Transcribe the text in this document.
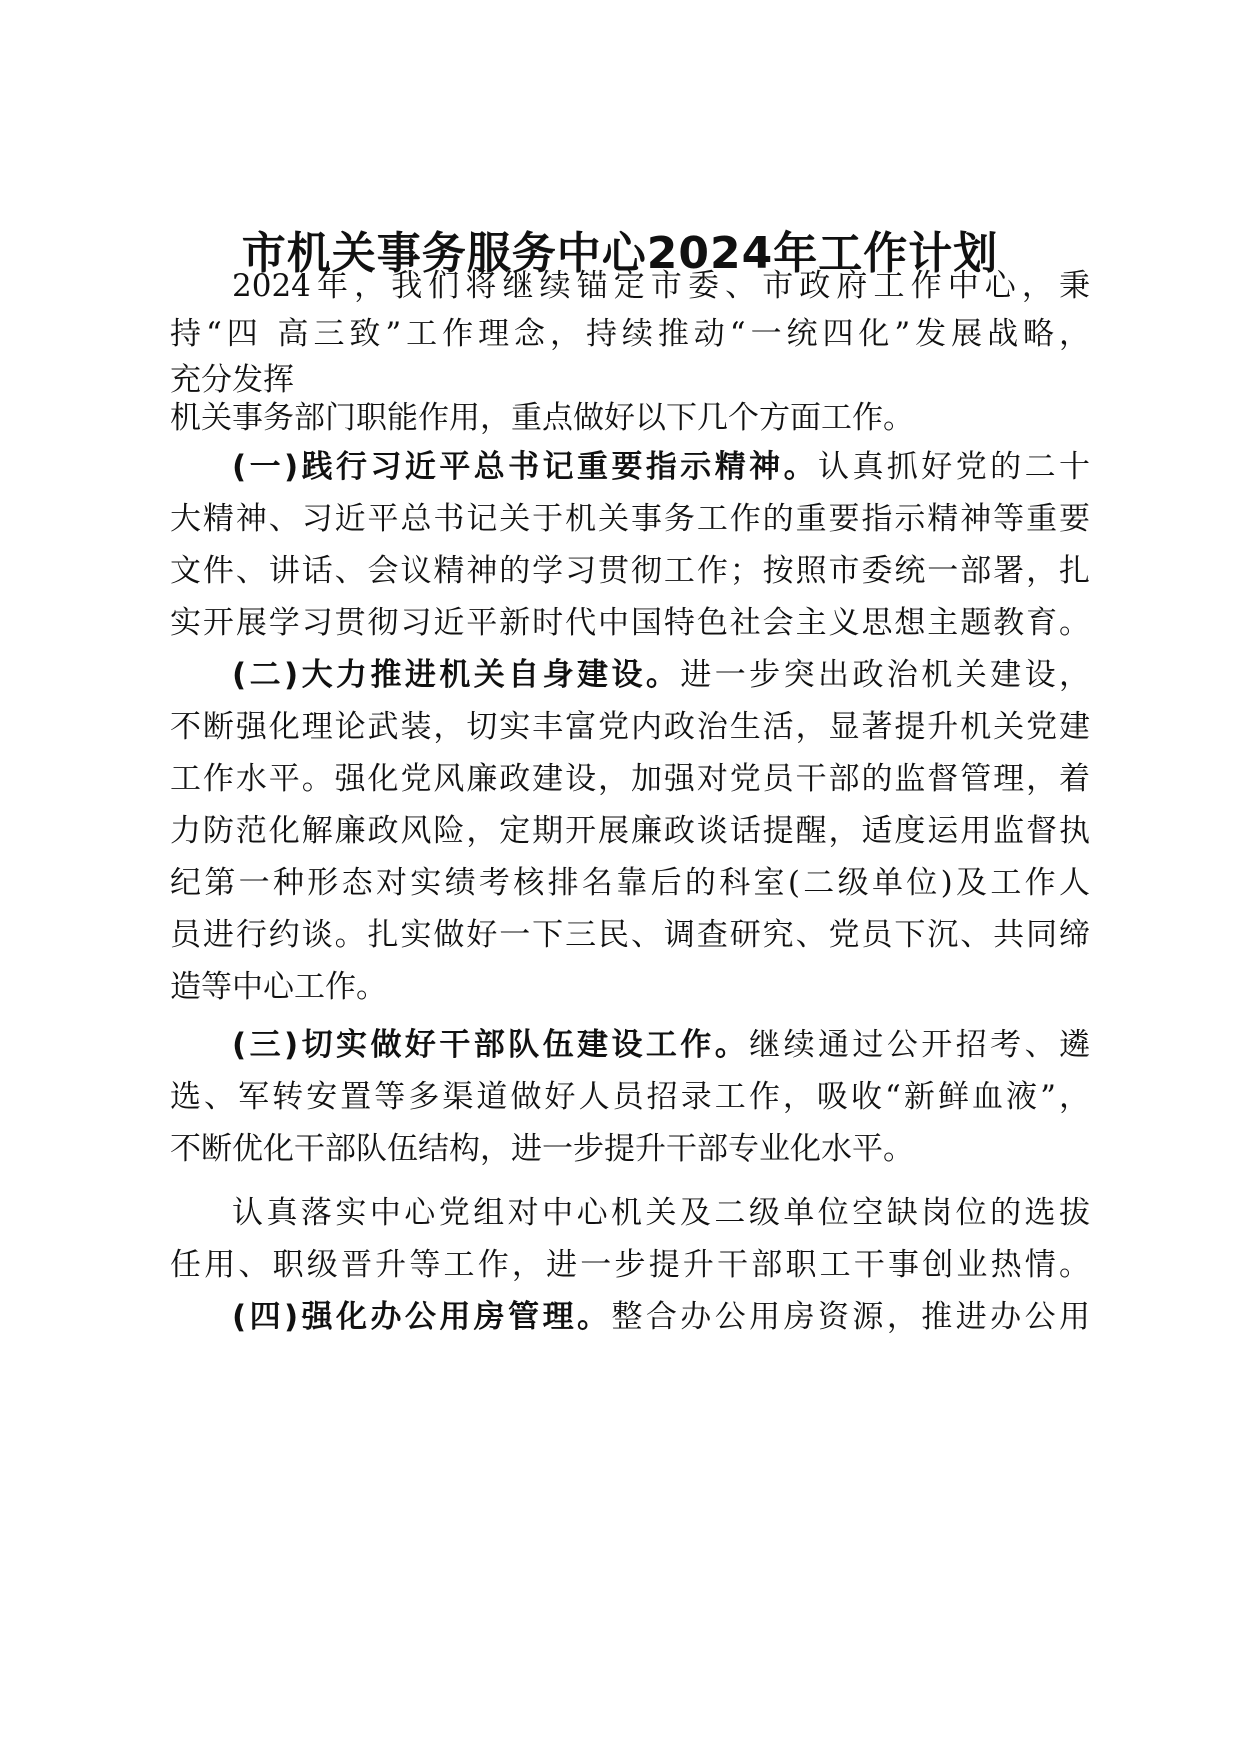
市机关事务服务中心2024年工作计划

2024年，我们将继续锚定市委、市政府工作中心，秉

持“四 高三致”工作理念，持续推动“一统四化”发展战略，

充分发挥

机关事务部门职能作用，重点做好以下几个方面工作。

(一)践行习近平总书记重要指示精神。认真抓好党的二十

大精神、习近平总书记关于机关事务工作的重要指示精神等重要

文件、讲话、会议精神的学习贯彻工作；按照市委统一部署，扎

实开展学习贯彻习近平新时代中国特色社会主义思想主题教育。

(二)大力推进机关自身建设。进一步突出政治机关建设，

不断强化理论武装，切实丰富党内政治生活，显著提升机关党建

工作水平。强化党风廉政建设，加强对党员干部的监督管理，着

力防范化解廉政风险，定期开展廉政谈话提醒，适度运用监督执

纪第一种形态对实绩考核排名靠后的科室(二级单位)及工作人

员进行约谈。扎实做好一下三民、调查研究、党员下沉、共同缔

造等中心工作。

(三)切实做好干部队伍建设工作。继续通过公开招考、遴

选、军转安置等多渠道做好人员招录工作，吸收“新鲜血液”，

不断优化干部队伍结构，进一步提升干部专业化水平。

认真落实中心党组对中心机关及二级单位空缺岗位的选拔

任用、职级晋升等工作，进一步提升干部职工干事创业热情。

(四)强化办公用房管理。整合办公用房资源，推进办公用
